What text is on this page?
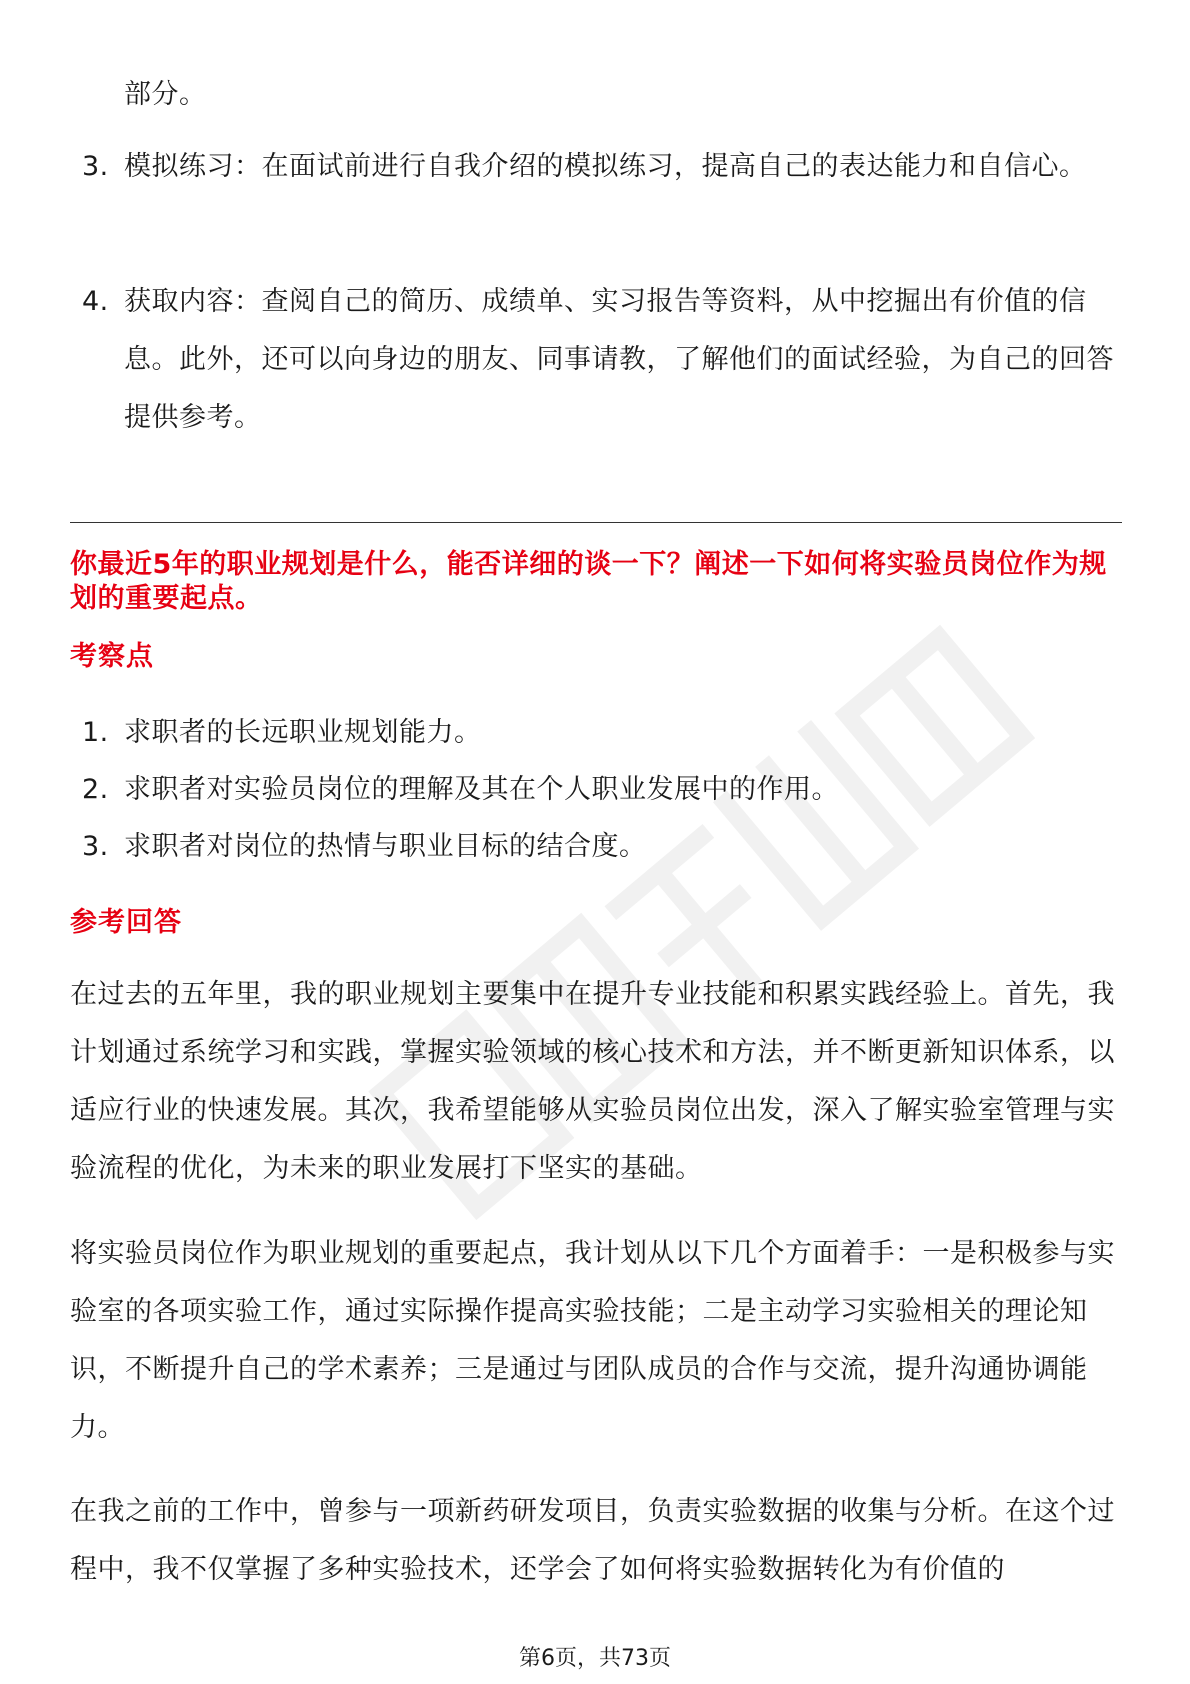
部分。
3. 模拟练习：在面试前进行自我介绍的模拟练习，提高自己的表达能力和自信心。
4. 获取内容：查阅自己的简历、成绩单、实习报告等资料，从中挖掘出有价值的信息。此外，还可以向身边的朋友、同事请教，了解他们的面试经验，为自己的回答提供参考。
你最近5年的职业规划是什么，能否详细的谈一下？阐述一下如何将实验员岗位作为规划的重要起点。
考察点
1. 求职者的长远职业规划能力。
2. 求职者对实验员岗位的理解及其在个人职业发展中的作用。
3. 求职者对岗位的热情与职业目标的结合度。
参考回答
在过去的五年里，我的职业规划主要集中在提升专业技能和积累实践经验上。首先，我计划通过系统学习和实践，掌握实验领域的核心技术和方法，并不断更新知识体系，以适应行业的快速发展。其次，我希望能够从实验员岗位出发，深入了解实验室管理与实验流程的优化，为未来的职业发展打下坚实的基础。
将实验员岗位作为职业规划的重要起点，我计划从以下几个方面着手：一是积极参与实验室的各项实验工作，通过实际操作提高实验技能；二是主动学习实验相关的理论知识，不断提升自己的学术素养；三是通过与团队成员的合作与交流，提升沟通协调能力。
在我之前的工作中，曾参与一项新药研发项目，负责实验数据的收集与分析。在这个过程中，我不仅掌握了多种实验技术，还学会了如何将实验数据转化为有价值的
第6页，共73页
